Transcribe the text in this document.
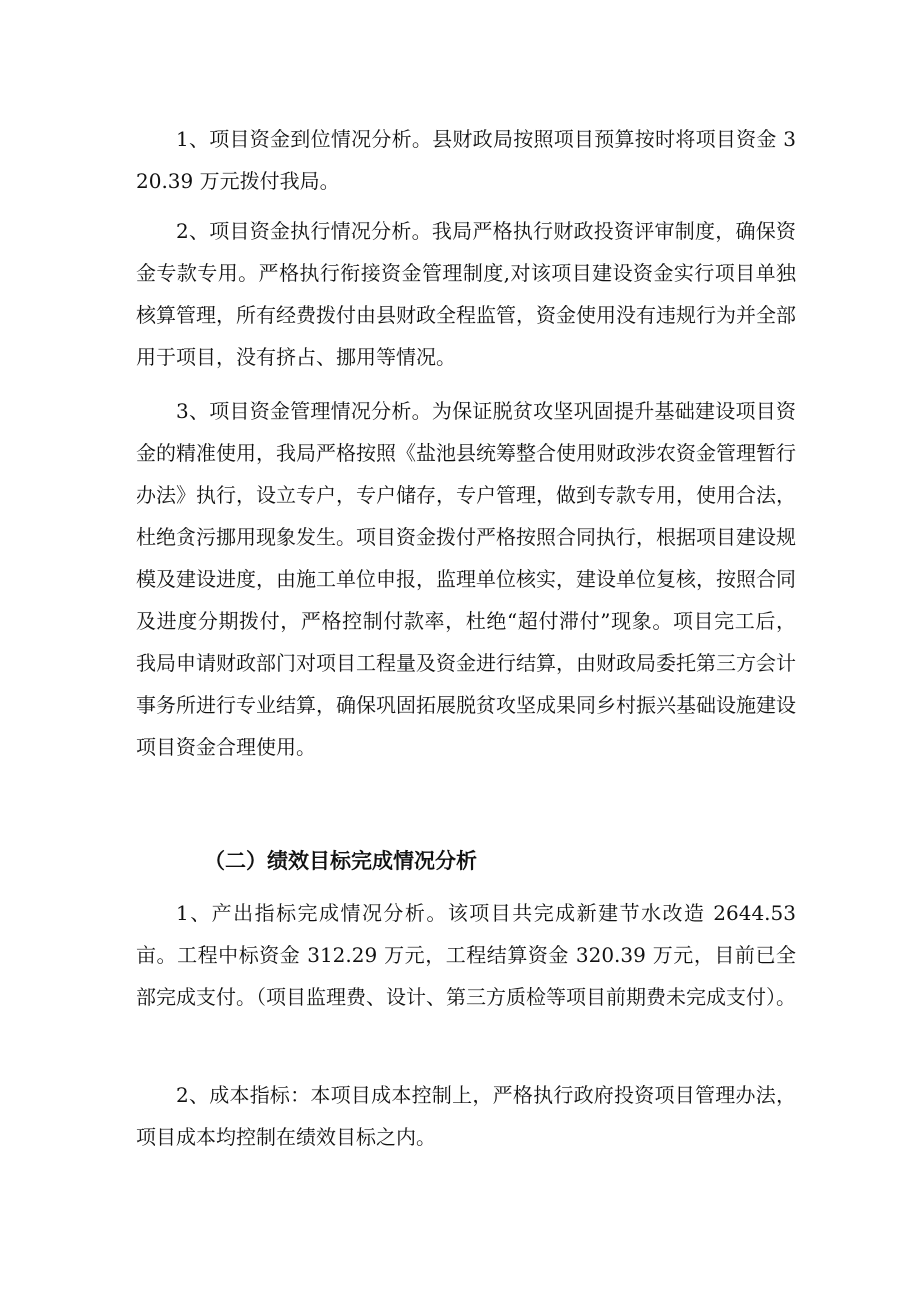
1、项目资金到位情况分析。县财政局按照项目预算按时将项目资金 320.39 万元拨付我局。

2、项目资金执行情况分析。我局严格执行财政投资评审制度，确保资金专款专用。严格执行衔接资金管理制度,对该项目建设资金实行项目单独核算管理，所有经费拨付由县财政全程监管，资金使用没有违规行为并全部用于项目，没有挤占、挪用等情况。

3、项目资金管理情况分析。为保证脱贫攻坚巩固提升基础建设项目资金的精准使用，我局严格按照《盐池县统筹整合使用财政涉农资金管理暂行办法》执行，设立专户，专户储存，专户管理，做到专款专用，使用合法，杜绝贪污挪用现象发生。项目资金拨付严格按照合同执行，根据项目建设规模及建设进度，由施工单位申报，监理单位核实，建设单位复核，按照合同及进度分期拨付，严格控制付款率，杜绝“超付滞付”现象。项目完工后，我局申请财政部门对项目工程量及资金进行结算，由财政局委托第三方会计事务所进行专业结算，确保巩固拓展脱贫攻坚成果同乡村振兴基础设施建设项目资金合理使用。

（二）绩效目标完成情况分析

1、产出指标完成情况分析。该项目共完成新建节水改造 2644.53 亩。工程中标资金 312.29 万元，工程结算资金 320.39 万元，目前已全部完成支付。（项目监理费、设计、第三方质检等项目前期费未完成支付）。

2、成本指标：本项目成本控制上，严格执行政府投资项目管理办法，项目成本均控制在绩效目标之内。
